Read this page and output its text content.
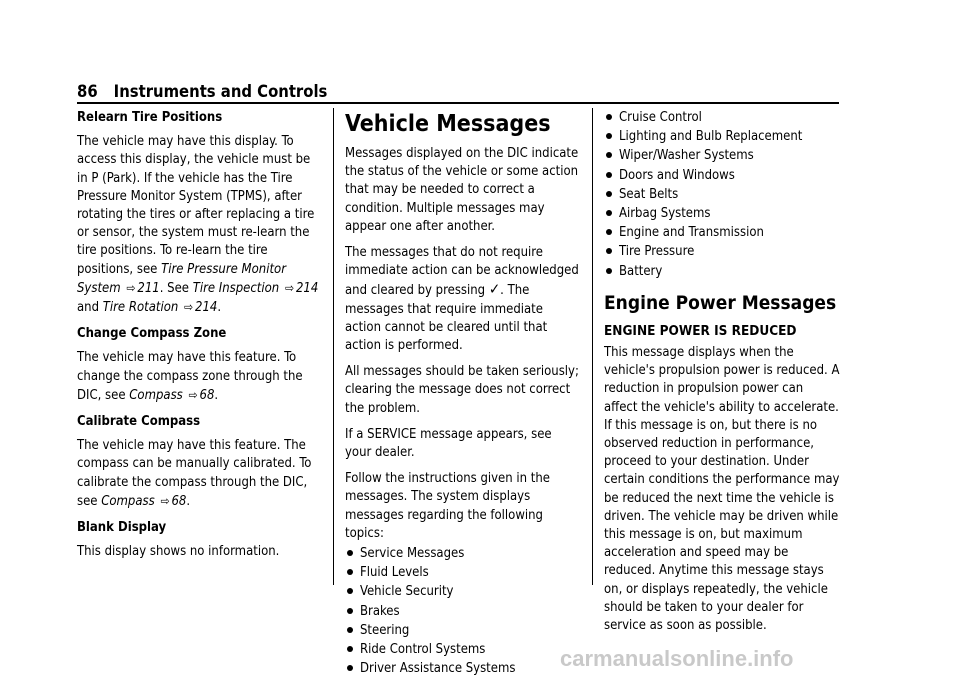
86 Instruments and Controls

Relearn Tire Positions

The vehicle may have this display. To access this display, the vehicle must be in P (Park). If the vehicle has the Tire Pressure Monitor System (TPMS), after rotating the tires or after replacing a tire or sensor, the system must re-learn the tire positions. To re-learn the tire positions, see Tire Pressure Monitor System ⇨ 211. See Tire Inspection ⇨ 214 and Tire Rotation ⇨ 214.

Change Compass Zone

The vehicle may have this feature. To change the compass zone through the DIC, see Compass ⇨ 68.

Calibrate Compass

The vehicle may have this feature. The compass can be manually calibrated. To calibrate the compass through the DIC, see Compass ⇨ 68.

Blank Display

This display shows no information.

Vehicle Messages

Messages displayed on the DIC indicate the status of the vehicle or some action that may be needed to correct a condition. Multiple messages may appear one after another.

The messages that do not require immediate action can be acknowledged and cleared by pressing ✓. The messages that require immediate action cannot be cleared until that action is performed.

All messages should be taken seriously; clearing the message does not correct the problem.

If a SERVICE message appears, see your dealer.

Follow the instructions given in the messages. The system displays messages regarding the following topics:

Service Messages
Fluid Levels
Vehicle Security
Brakes
Steering
Ride Control Systems
Driver Assistance Systems
Cruise Control
Lighting and Bulb Replacement
Wiper/Washer Systems
Doors and Windows
Seat Belts
Airbag Systems
Engine and Transmission
Tire Pressure
Battery
Engine Power Messages
ENGINE POWER IS REDUCED

This message displays when the vehicle's propulsion power is reduced. A reduction in propulsion power can affect the vehicle's ability to accelerate. If this message is on, but there is no observed reduction in performance, proceed to your destination. Under certain conditions the performance may be reduced the next time the vehicle is driven. The vehicle may be driven while this message is on, but maximum acceleration and speed may be reduced. Anytime this message stays on, or displays repeatedly, the vehicle should be taken to your dealer for service as soon as possible.

carmanualsonline.info
